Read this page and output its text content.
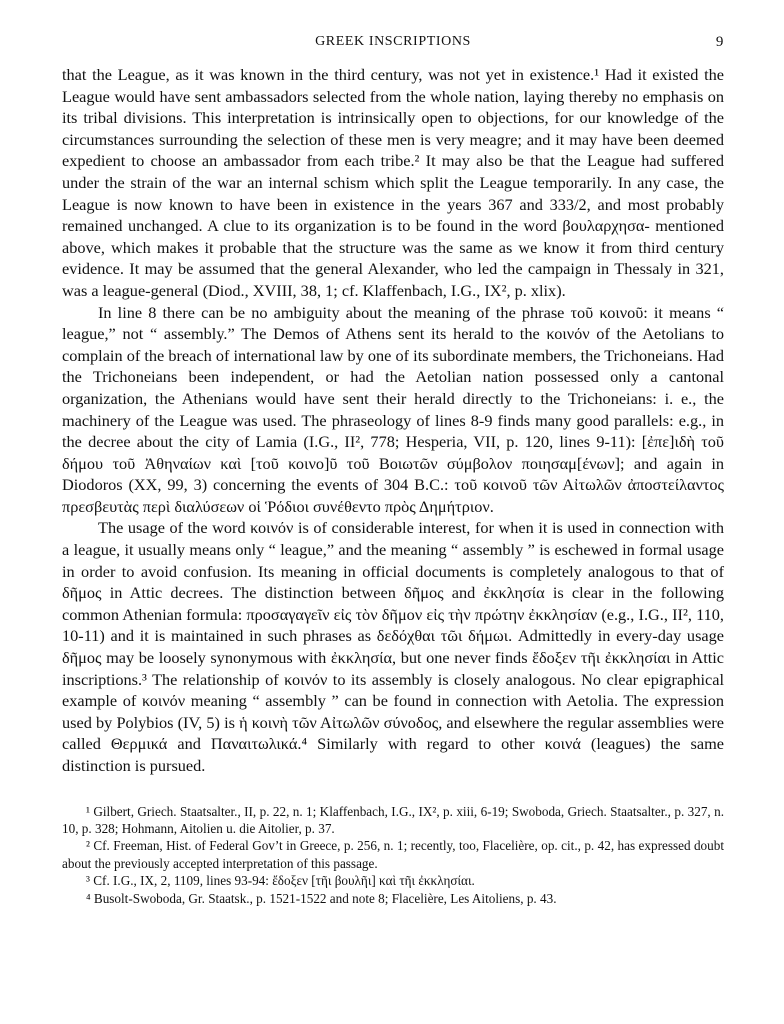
GREEK INSCRIPTIONS	9

that the League, as it was known in the third century, was not yet in existence.¹ Had it existed the League would have sent ambassadors selected from the whole nation, laying thereby no emphasis on its tribal divisions. This interpretation is intrinsically open to objections, for our knowledge of the circumstances surrounding the selection of these men is very meagre; and it may have been deemed expedient to choose an ambassador from each tribe.² It may also be that the League had suffered under the strain of the war an internal schism which split the League temporarily. In any case, the League is now known to have been in existence in the years 367 and 333/2, and most probably remained unchanged. A clue to its organization is to be found in the word βουλαρχησα- mentioned above, which makes it probable that the structure was the same as we know it from third century evidence. It may be assumed that the general Alexander, who led the campaign in Thessaly in 321, was a league-general (Diod., XVIII, 38, 1; cf. Klaffenbach, I.G., IX², p. xlix).

In line 8 there can be no ambiguity about the meaning of the phrase τοῦ κοινοῦ: it means “ league,” not “ assembly.” The Demos of Athens sent its herald to the κοινόν of the Aetolians to complain of the breach of international law by one of its subordinate members, the Trichoneians. Had the Trichoneians been independent, or had the Aetolian nation possessed only a cantonal organization, the Athenians would have sent their herald directly to the Trichoneians: i. e., the machinery of the League was used. The phraseology of lines 8-9 finds many good parallels: e.g., in the decree about the city of Lamia (I.G., II², 778; Hesperia, VII, p. 120, lines 9-11): [ἐπε]ιδὴ τοῦ δήμου τοῦ Ἀθηναίων καὶ [τοῦ κοινο]ῦ τοῦ Βοιωτῶν σύμβολον ποιησαμ[ένων]; and again in Diodoros (XX, 99, 3) concerning the events of 304 B.C.: τοῦ κοινοῦ τῶν Αἰτωλῶν ἀποστείλαντος πρεσβευτὰς περὶ διαλύσεων οἱ Ῥόδιοι συνέθεντο πρὸς Δημήτριον.

The usage of the word κοινόν is of considerable interest, for when it is used in connection with a league, it usually means only “ league,” and the meaning “ assembly ” is eschewed in formal usage in order to avoid confusion. Its meaning in official documents is completely analogous to that of δῆμος in Attic decrees. The distinction between δῆμος and ἐκκλησία is clear in the following common Athenian formula: προσαγαγεῖν εἰς τὸν δῆμον εἰς τὴν πρώτην ἐκκλησίαν (e.g., I.G., II², 110, 10-11) and it is maintained in such phrases as δεδόχθαι τῶι δήμωι. Admittedly in every-day usage δῆμος may be loosely synonymous with ἐκκλησία, but one never finds ἔδοξεν τῆι ἐκκλησίαι in Attic inscriptions.³ The relationship of κοινόν to its assembly is closely analogous. No clear epigraphical example of κοινόν meaning “ assembly ” can be found in connection with Aetolia. The expression used by Polybios (IV, 5) is ἡ κοινὴ τῶν Αἰτωλῶν σύνοδος, and elsewhere the regular assemblies were called Θερμικά and Παναιτωλικά.⁴ Similarly with regard to other κοινά (leagues) the same distinction is pursued.

¹ Gilbert, Griech. Staatsalter., II, p. 22, n. 1; Klaffenbach, I.G., IX², p. xiii, 6-19; Swoboda, Griech. Staatsalter., p. 327, n. 10, p. 328; Hohmann, Aitolien u. die Aitolier, p. 37.

² Cf. Freeman, Hist. of Federal Gov’t in Greece, p. 256, n. 1; recently, too, Flacelière, op. cit., p. 42, has expressed doubt about the previously accepted interpretation of this passage.

³ Cf. I.G., IX, 2, 1109, lines 93-94: ἔδοξεν [τῆι βουλῆι] καὶ τῆι ἐκκλησίαι.

⁴ Busolt-Swoboda, Gr. Staatsk., p. 1521-1522 and note 8; Flacelière, Les Aitoliens, p. 43.
